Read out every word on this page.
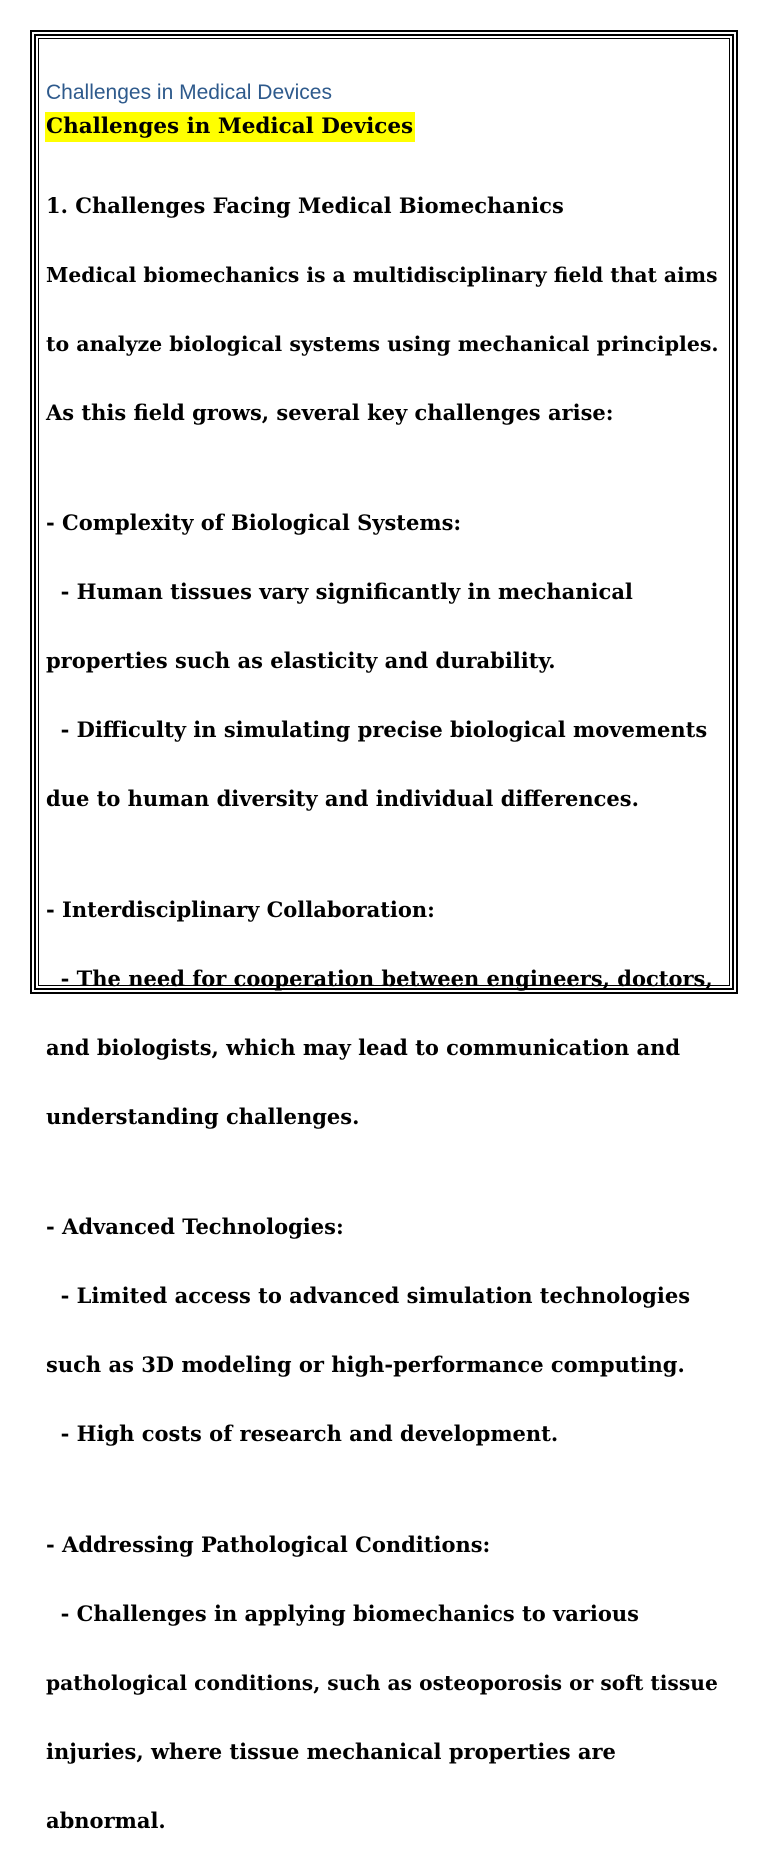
Challenges in Medical Devices
Challenges in Medical Devices

1. Challenges Facing Medical Biomechanics

Medical biomechanics is a multidisciplinary field that aims

to analyze biological systems using mechanical principles.

As this field grows, several key challenges arise:

- Complexity of Biological Systems:

- Human tissues vary significantly in mechanical

properties such as elasticity and durability.

- Difficulty in simulating precise biological movements

due to human diversity and individual differences.

- Interdisciplinary Collaboration:

- The need for cooperation between engineers, doctors,

and biologists, which may lead to communication and

understanding challenges.

- Advanced Technologies:

- Limited access to advanced simulation technologies

such as 3D modeling or high-performance computing.

- High costs of research and development.

- Addressing Pathological Conditions:

- Challenges in applying biomechanics to various

pathological conditions, such as osteoporosis or soft tissue

injuries, where tissue mechanical properties are

abnormal.
